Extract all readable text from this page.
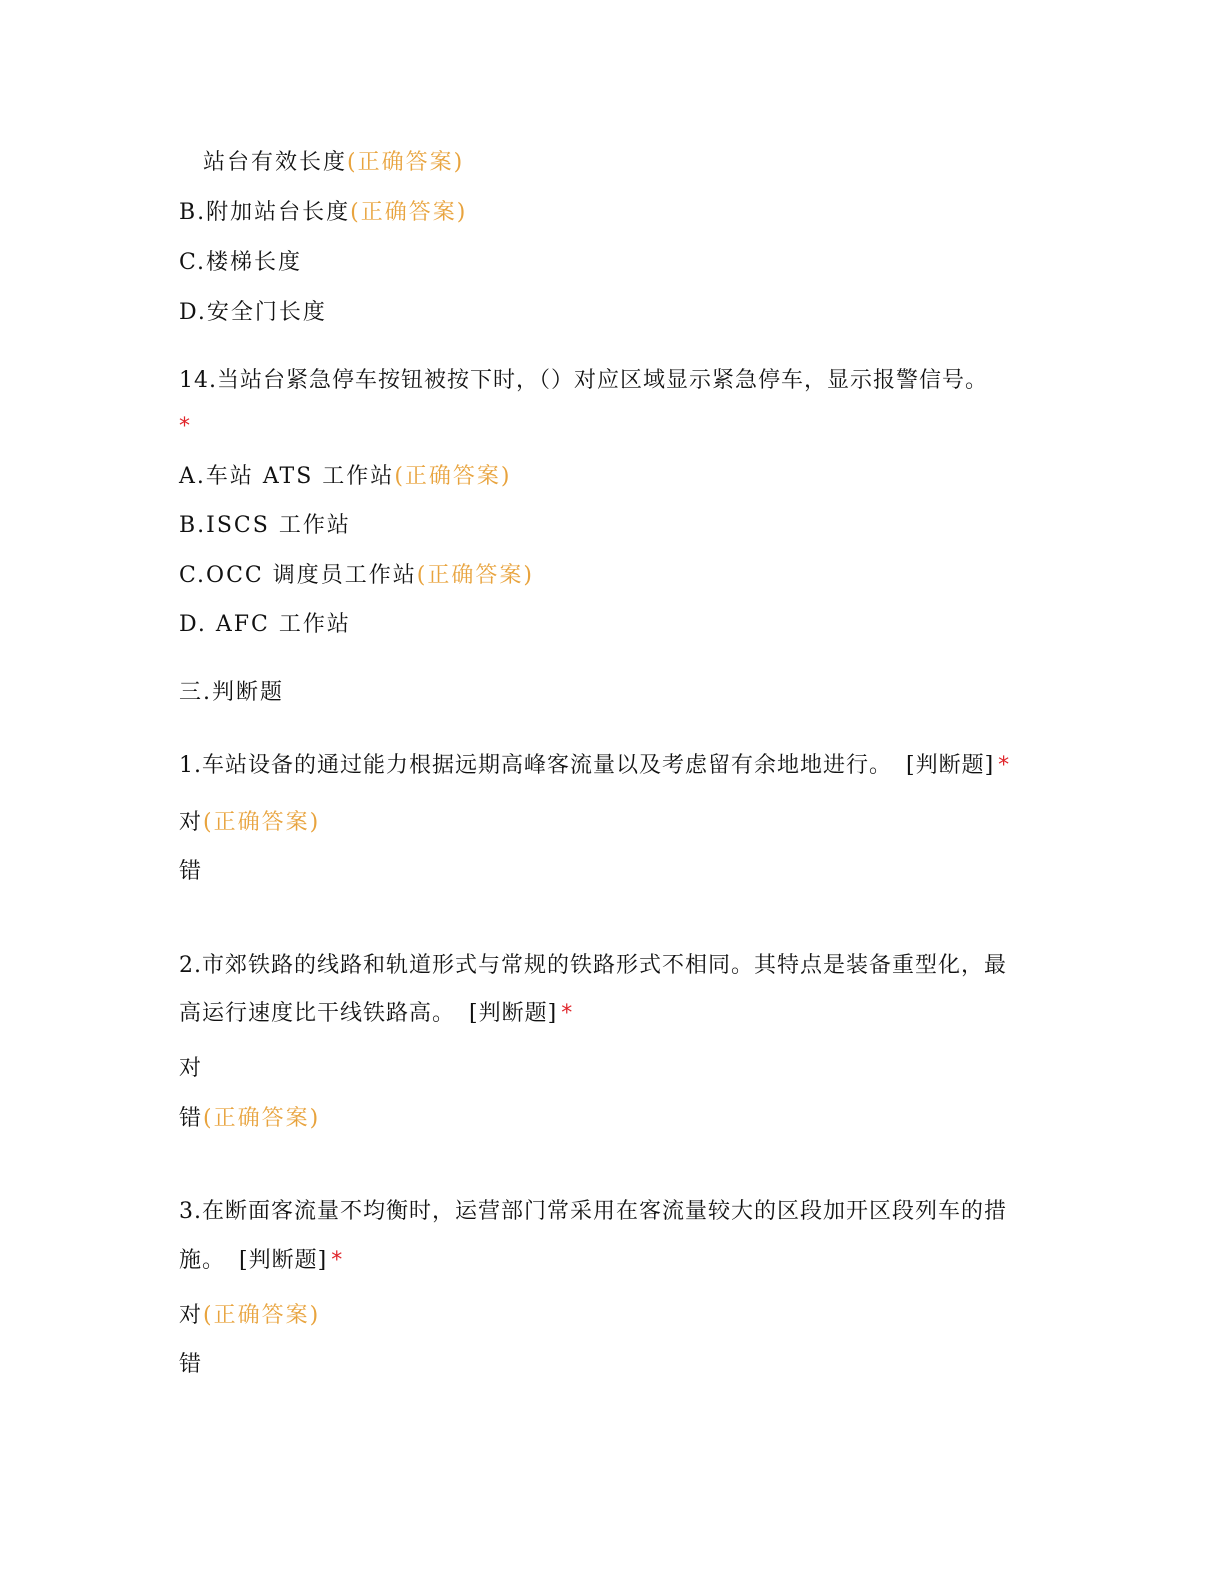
站台有效长度(正确答案)
B.附加站台长度(正确答案)
C.楼梯长度
D.安全门长度
14.当站台紧急停车按钮被按下时，（）对应区域显示紧急停车，显示报警信号。
*
A.车站 ATS 工作站(正确答案)
B.ISCS 工作站
C.OCC 调度员工作站(正确答案)
D. AFC 工作站
三.判断题
1.车站设备的通过能力根据远期高峰客流量以及考虑留有余地地进行。 [判断题] *
对(正确答案)
错
2.市郊铁路的线路和轨道形式与常规的铁路形式不相同。其特点是装备重型化，最
高运行速度比干线铁路高。 [判断题] *
对
错(正确答案)
3.在断面客流量不均衡时，运营部门常采用在客流量较大的区段加开区段列车的措
施。 [判断题] *
对(正确答案)
错
